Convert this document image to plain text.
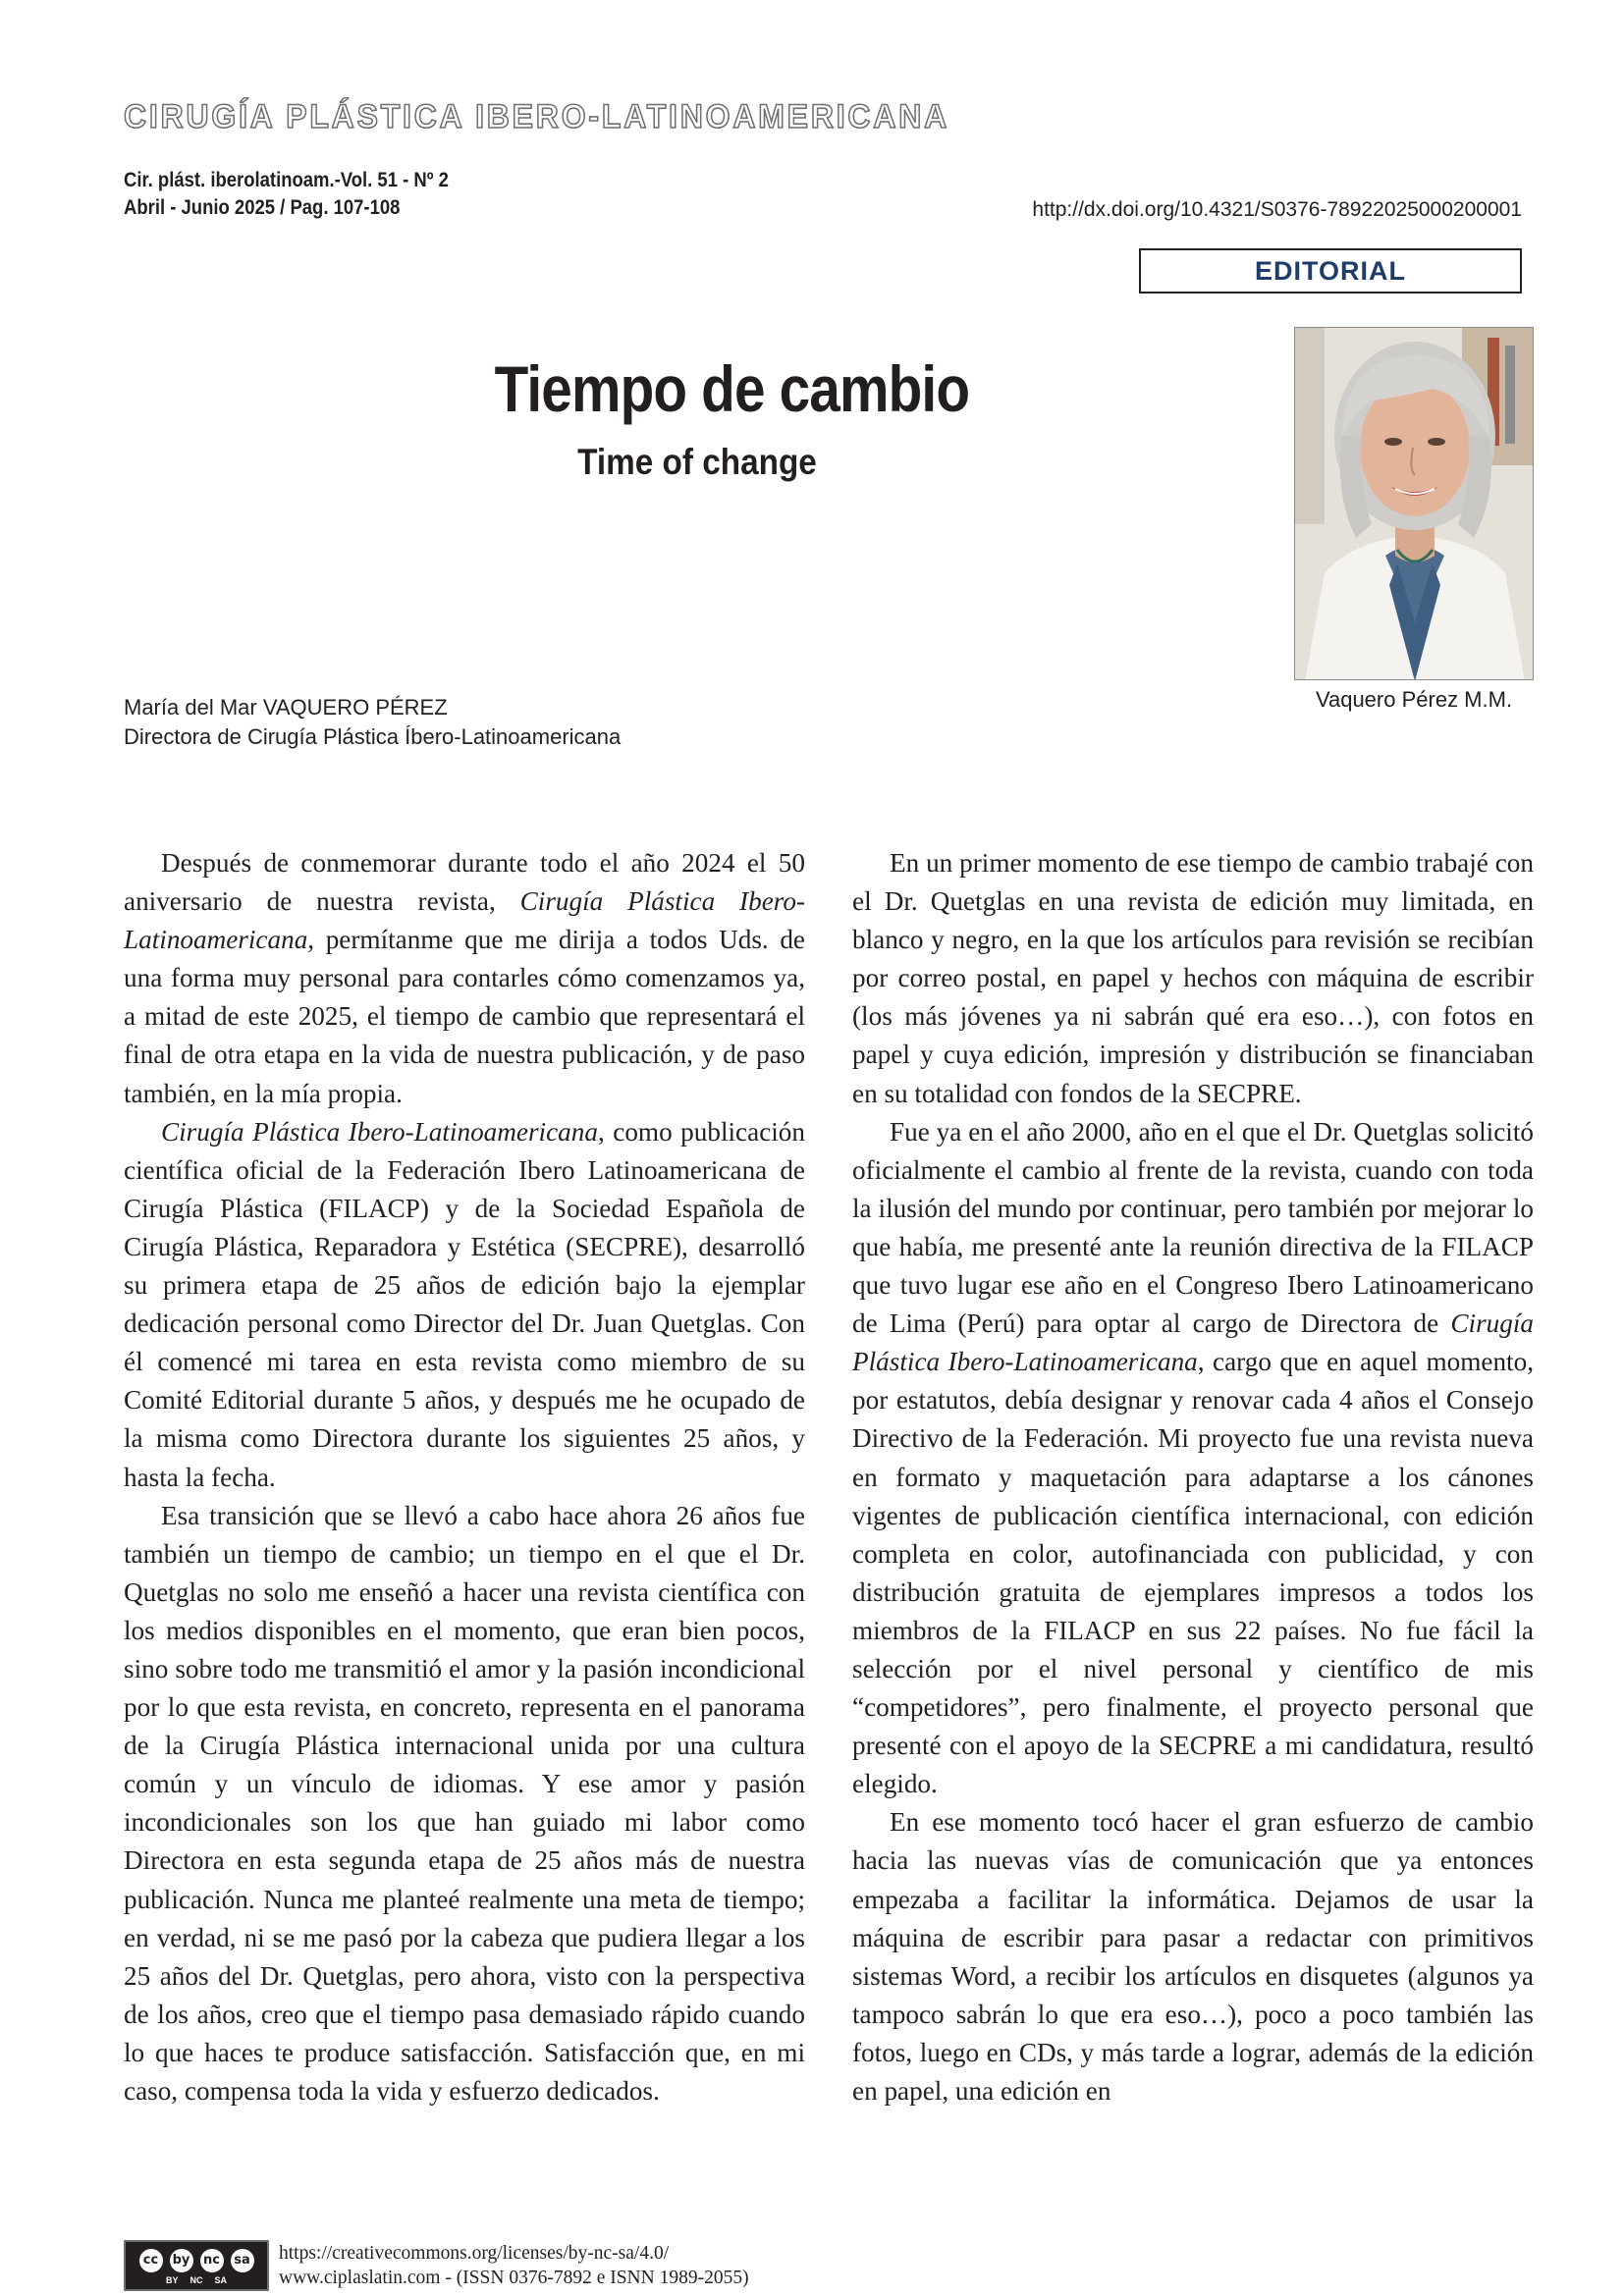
CIRUGÍA PLÁSTICA IBERO-LATINOAMERICANA
Cir. plást. iberolatinoam.-Vol. 51 - Nº 2
Abril - Junio 2025 / Pag. 107-108	http://dx.doi.org/10.4321/S0376-78922025000200001
EDITORIAL
Tiempo de cambio
Time of change
Vaquero Pérez M.M.
María del Mar VAQUERO PÉREZ
Directora de Cirugía Plástica Íbero-Latinoamericana

Después de conmemorar durante todo el año 2024 el 50 aniversario de nuestra revista, Cirugía Plástica Ibero-Latinoamericana, permítanme que me dirija a todos Uds. de una forma muy personal para contarles cómo comenzamos ya, a mitad de este 2025, el tiempo de cambio que representará el final de otra etapa en la vida de nuestra publicación, y de paso también, en la mía propia.

Cirugía Plástica Ibero-Latinoamericana, como publicación científica oficial de la Federación Ibero Latinoamericana de Cirugía Plástica (FILACP) y de la Sociedad Española de Cirugía Plástica, Reparadora y Estética (SECPRE), desarrolló su primera etapa de 25 años de edición bajo la ejemplar dedicación personal como Director del Dr. Juan Quetglas. Con él comencé mi tarea en esta revista como miembro de su Comité Editorial durante 5 años, y después me he ocupado de la misma como Directora durante los siguientes 25 años, y hasta la fecha.

Esa transición que se llevó a cabo hace ahora 26 años fue también un tiempo de cambio; un tiempo en el que el Dr. Quetglas no solo me enseñó a hacer una revista científica con los medios disponibles en el momento, que eran bien pocos, sino sobre todo me transmitió el amor y la pasión incondicional por lo que esta revista, en concreto, representa en el panorama de la Cirugía Plástica internacional unida por una cultura común y un vínculo de idiomas. Y ese amor y pasión incondicionales son los que han guiado mi labor como Directora en esta segunda etapa de 25 años más de nuestra publicación. Nunca me planteé realmente una meta de tiempo; en verdad, ni se me pasó por la cabeza que pudiera llegar a los 25 años del Dr. Quetglas, pero ahora, visto con la perspectiva de los años, creo que el tiempo pasa demasiado rápido cuando lo que haces te produce satisfacción. Satisfacción que, en mi caso, compensa toda la vida y esfuerzo dedicados.

En un primer momento de ese tiempo de cambio trabajé con el Dr. Quetglas en una revista de edición muy limitada, en blanco y negro, en la que los artículos para revisión se recibían por correo postal, en papel y hechos con máquina de escribir (los más jóvenes ya ni sabrán qué era eso…), con fotos en papel y cuya edición, impresión y distribución se financiaban en su totalidad con fondos de la SECPRE.

Fue ya en el año 2000, año en el que el Dr. Quetglas solicitó oficialmente el cambio al frente de la revista, cuando con toda la ilusión del mundo por continuar, pero también por mejorar lo que había, me presenté ante la reunión directiva de la FILACP que tuvo lugar ese año en el Congreso Ibero Latinoamericano de Lima (Perú) para optar al cargo de Directora de Cirugía Plástica Ibero-Latinoamericana, cargo que en aquel momento, por estatutos, debía designar y renovar cada 4 años el Consejo Directivo de la Federación. Mi proyecto fue una revista nueva en formato y maquetación para adaptarse a los cánones vigentes de publicación científica internacional, con edición completa en color, autofinanciada con publicidad, y con distribución gratuita de ejemplares impresos a todos los miembros de la FILACP en sus 22 países. No fue fácil la selección por el nivel personal y científico de mis “competidores”, pero finalmente, el proyecto personal que presenté con el apoyo de la SECPRE a mi candidatura, resultó elegido.

En ese momento tocó hacer el gran esfuerzo de cambio hacia las nuevas vías de comunicación que ya entonces empezaba a facilitar la informática. Dejamos de usar la máquina de escribir para pasar a redactar con primitivos sistemas Word, a recibir los artículos en disquetes (algunos ya tampoco sabrán lo que era eso…), poco a poco también las fotos, luego en CDs, y más tarde a lograr, además de la edición en papel, una edición en

cc	by	nc	sa
BY NC SA
https://creativecommons.org/licenses/by-nc-sa/4.0/
www.ciplaslatin.com - (ISSN 0376-7892 e ISNN 1989-2055)
